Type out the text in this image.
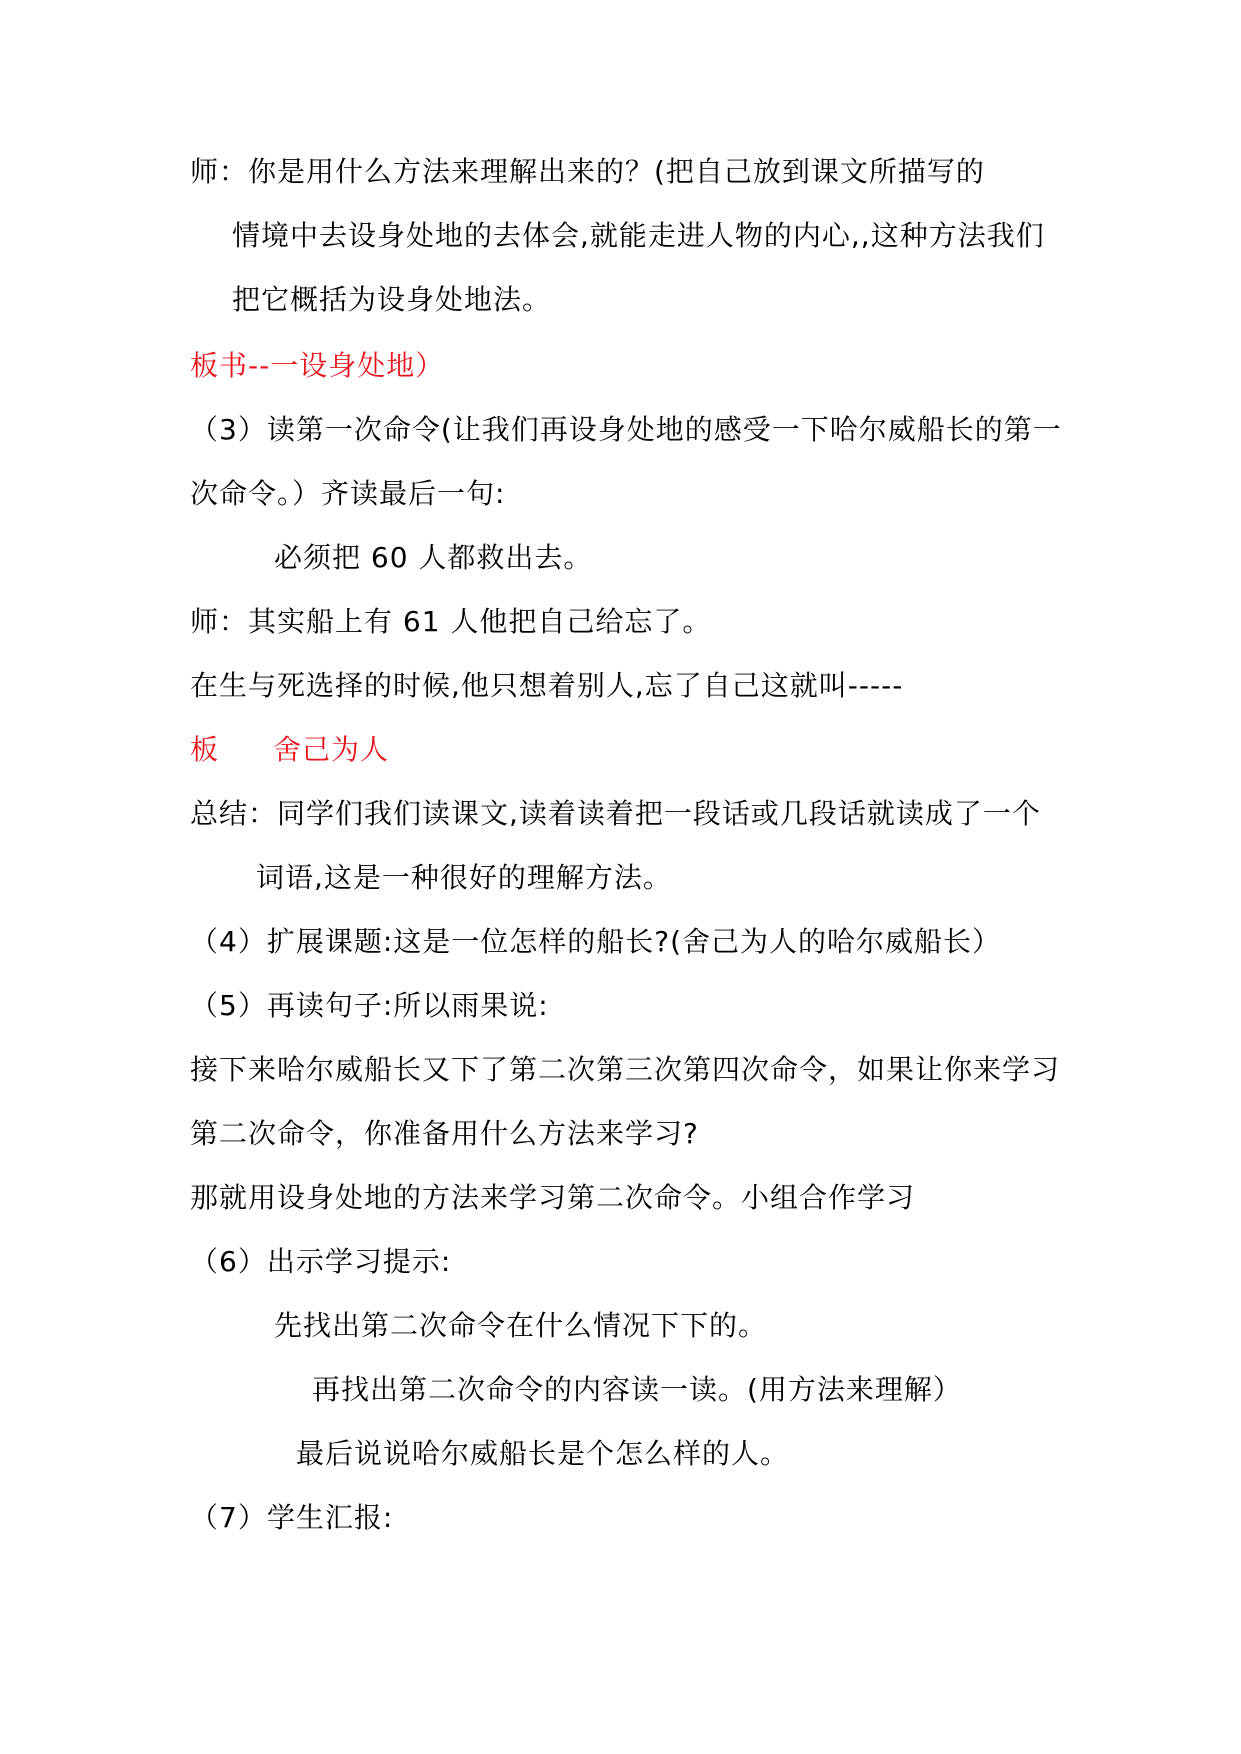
师：你是用什么方法来理解出来的？(把自己放到课文所描写的
情境中去设身处地的去体会,就能走进人物的内心,,这种方法我们
把它概括为设身处地法。
板书--一设身处地）
（3）读第一次命令(让我们再设身处地的感受一下哈尔威船长的第一
次命令。）齐读最后一句:
必须把 60 人都救出去。
师：其实船上有 61 人他把自己给忘了。
在生与死选择的时候,他只想着别人,忘了自己这就叫-----
板 舍己为人
总结：同学们我们读课文,读着读着把一段话或几段话就读成了一个
词语,这是一种很好的理解方法。
（4）扩展课题:这是一位怎样的船长?(舍己为人的哈尔威船长）
（5）再读句子:所以雨果说:
接下来哈尔威船长又下了第二次第三次第四次命令，如果让你来学习
第二次命令，你准备用什么方法来学习?
那就用设身处地的方法来学习第二次命令。小组合作学习
（6）出示学习提示:
先找出第二次命令在什么情况下下的。
再找出第二次命令的内容读一读。(用方法来理解）
最后说说哈尔威船长是个怎么样的人。
（7）学生汇报:
